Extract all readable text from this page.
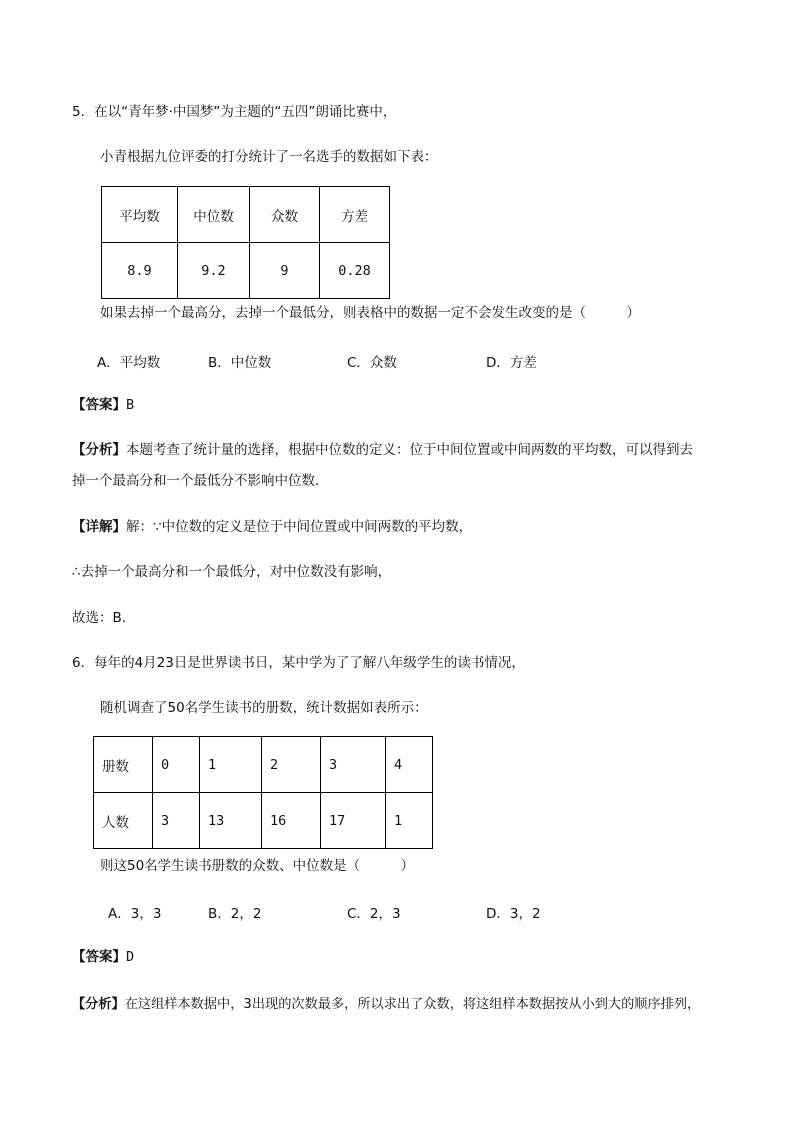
5．在以“青年梦·中国梦”为主题的“五四”朗诵比赛中，
小青根据九位评委的打分统计了一名选手的数据如下表：
平均数	中位数	众数	方差
8.9	9.2	9	0.28
如果去掉一个最高分，去掉一个最低分，则表格中的数据一定不会发生改变的是（　　　）
A．平均数	B．中位数	C．众数	D．方差
【答案】B
【分析】本题考查了统计量的选择，根据中位数的定义：位于中间位置或中间两数的平均数，可以得到去
掉一个最高分和一个最低分不影响中位数．
【详解】解：∵中位数的定义是位于中间位置或中间两数的平均数，
∴去掉一个最高分和一个最低分，对中位数没有影响，
故选：B．
6．每年的4月23日是世界读书日，某中学为了了解八年级学生的读书情况，
随机调查了50名学生读书的册数，统计数据如表所示：
册数	0	1	2	3	4
人数	3	13	16	17	1
则这50名学生读书册数的众数、中位数是（　　　）
A．3，3	B．2，2	C．2，3	D．3，2
【答案】D
【分析】在这组样本数据中，3出现的次数最多，所以求出了众数，将这组样本数据按从小到大的顺序排列，
